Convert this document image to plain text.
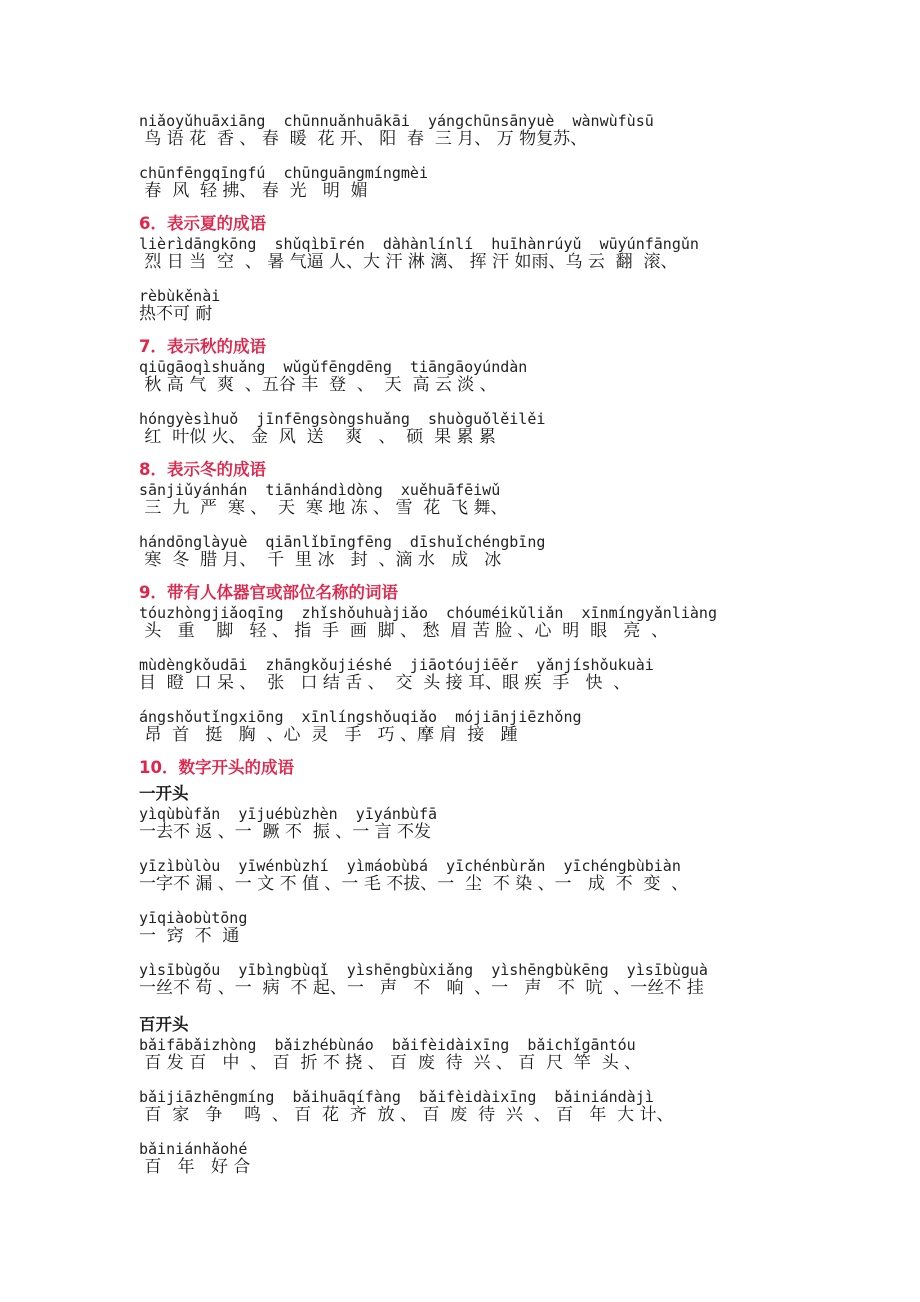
niǎoyǔhuāxiāng  chūnnuǎnhuākāi  yángchūnsānyuè  wànwùfùsū
鸟 语 花  香 、 春  暖  花 开、 阳  春  三 月、 万 物复苏、
chūnfēngqīngfú  chūnguāngmíngmèi
春  风  轻 拂、 春  光   明  媚
6．表示夏的成语
lièrìdāngkōng  shǔqìbīrén  dàhànlínlí  huīhànrúyǔ  wūyúnfāngǔn
烈 日 当  空  、 暑 气逼 人、大 汗 淋 漓、 挥 汗 如雨、乌 云  翻  滚、
rèbùkěnài
热不可 耐
7．表示秋的成语
qiūgāoqìshuǎng  wǔgǔfēngdēng  tiāngāoyúndàn
秋 高 气  爽  、五谷 丰  登  、  天  高 云 淡 、
hóngyèsìhuǒ  jīnfēngsòngshuǎng  shuòguǒlěilěi
红  叶似 火、 金  风  送    爽   、  硕  果 累 累
8．表示冬的成语
sānjiǔyánhán  tiānhándìdòng  xuěhuāfēiwǔ
三  九  严  寒 、  天  寒 地 冻 、 雪  花  飞 舞、
hándōnglàyuè  qiānlǐbīngfēng  dīshuǐchéngbīng
寒  冬  腊 月、  千  里 冰   封  、滴 水   成   冰
9．带有人体器官或部位名称的词语
tóuzhòngjiǎoqīng  zhǐshǒuhuàjiǎo  chóuméikǔliǎn  xīnmíngyǎnliàng
头   重    脚   轻 、 指  手  画  脚 、 愁  眉 苦 脸 、心  明  眼   亮  、
mùdèngkǒudāi  zhāngkǒujiéshé  jiāotóujiēěr  yǎnjíshǒukuài
目  瞪  口 呆 、  张   口 结 舌 、  交  头 接 耳、眼 疾  手   快  、
ángshǒutǐngxiōng  xīnlíngshǒuqiǎo  mójiānjiēzhǒng
昂  首   挺   胸  、心  灵   手   巧 、摩 肩  接   踵
10．数字开头的成语
一开头
yìqùbùfǎn  yījuébùzhèn  yīyánbùfā
一去不 返 、一  蹶 不  振 、一 言 不发
yīzìbùlòu  yīwénbùzhí  yìmáobùbá  yīchénbùrǎn  yīchéngbùbiàn
一字不 漏 、一 文 不 值 、一 毛 不拔、一  尘  不 染 、一   成  不  变  、
yīqiàobùtōng
一  窍  不  通
yìsībùgǒu  yībìngbùqǐ  yìshēngbùxiǎng  yìshēngbùkēng  yìsībùguà
一丝不 苟 、一  病  不 起、一   声   不   响  、一   声   不  吭  、一丝不 挂
百开头
bǎifābǎizhòng  bǎizhébùnáo  bǎifèidàixīng  bǎichǐgāntóu
百 发 百   中  、 百  折 不 挠 、 百  废  待  兴 、 百  尺  竿  头 、
bǎijiāzhēngmíng  bǎihuāqífàng  bǎifèidàixīng  bǎiniándàjì
百  家   争    鸣  、 百  花  齐  放 、 百  废  待  兴  、 百   年  大 计、
bǎiniánhǎohé
百   年   好 合
